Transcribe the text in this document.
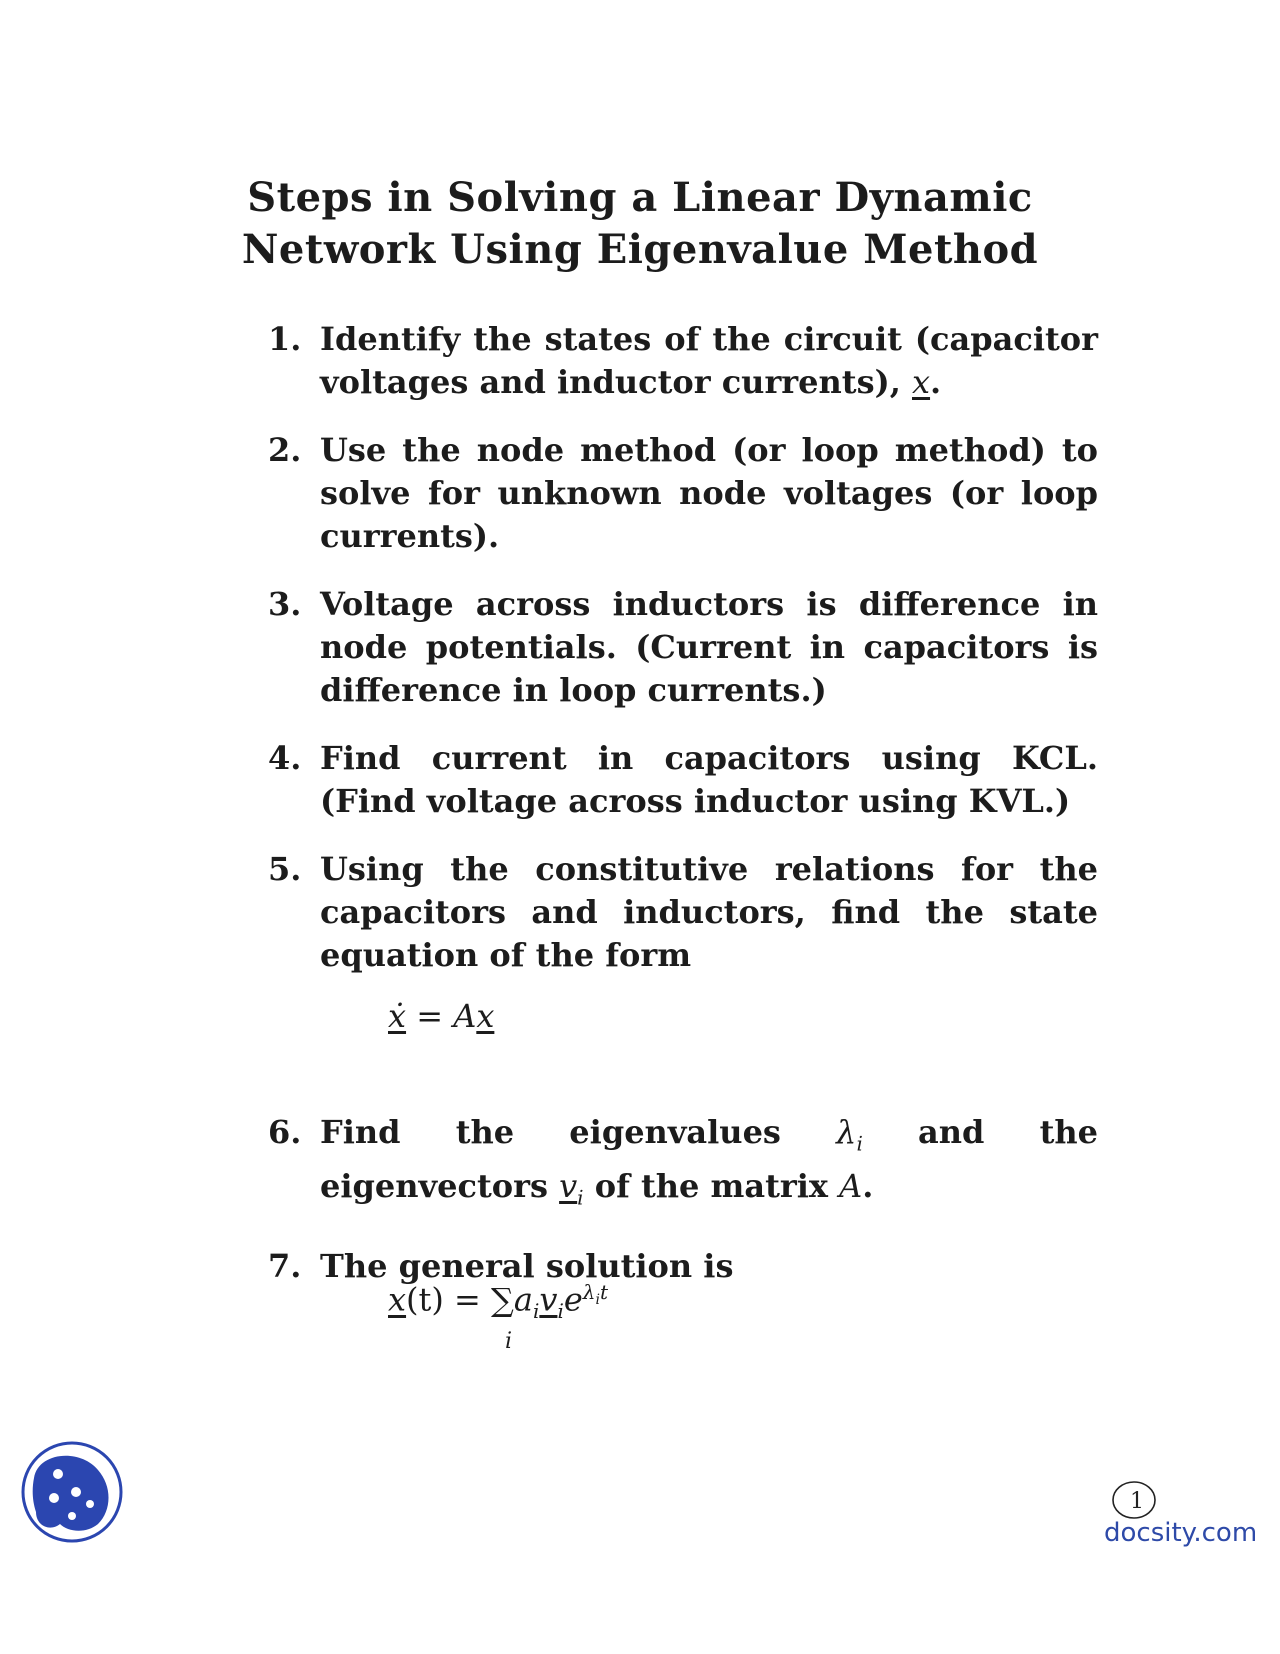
Steps in Solving a Linear Dynamic
Network Using Eigenvalue Method
1. Identify the states of the circuit (capacitor voltages and inductor currents), x.
2. Use the node method (or loop method) to solve for unknown node voltages (or loop currents).
3. Voltage across inductors is difference in node potentials. (Current in capacitors is difference in loop currents.)
4. Find current in capacitors using KCL. (Find voltage across inductor using KVL.)
5. Using the constitutive relations for the capacitors and inductors, find the state equation of the form
6. Find the eigenvalues $\lambda_i$ and the eigenvectors $v_i$ of the matrix A.
7. The general solution is
ẋ = Ax
x(t) = ∑
i
$a_iv_ie^{\lambda_it}$
1
docsity.com
